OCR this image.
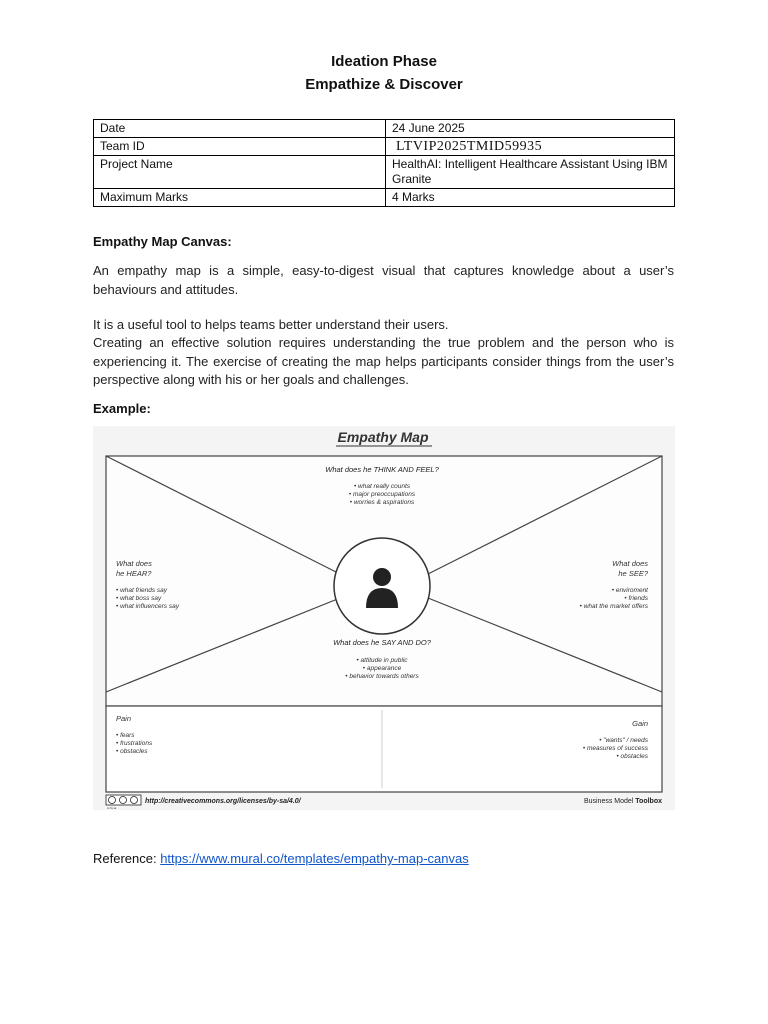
Ideation Phase
Empathize & Discover
Date	24 June 2025
Team ID	LTVIP2025TMID59935
Project Name	HealthAI: Intelligent Healthcare Assistant Using IBM Granite
Maximum Marks	4 Marks
Empathy Map Canvas:
An empathy map is a simple, easy-to-digest visual that captures knowledge about a user’s behaviours and attitudes.
It is a useful tool to helps teams better understand their users.
Creating an effective solution requires understanding the true problem and the person who is experiencing it. The exercise of creating the map helps participants consider things from the user’s perspective along with his or her goals and challenges.
Example:
Empathy Map
What does he THINK AND FEEL?
• what really counts
• major preoccupations
• worries & aspirations
What does
he HEAR?
• what friends say
• what boss say
• what influencers say
What does
he SEE?
• enviroment
• friends
• what the market offers
What does he SAY AND DO?
• attitude in public
• appearance
• behavior towards others
Pain
• fears
• frustrations
• obstacles
Gain
• "wants" / needs
• measures of success
• obstacles
cc by sa
http://creativecommons.org/licenses/by-sa/4.0/	Business Model Toolbox
Reference: https://www.mural.co/templates/empathy-map-canvas
